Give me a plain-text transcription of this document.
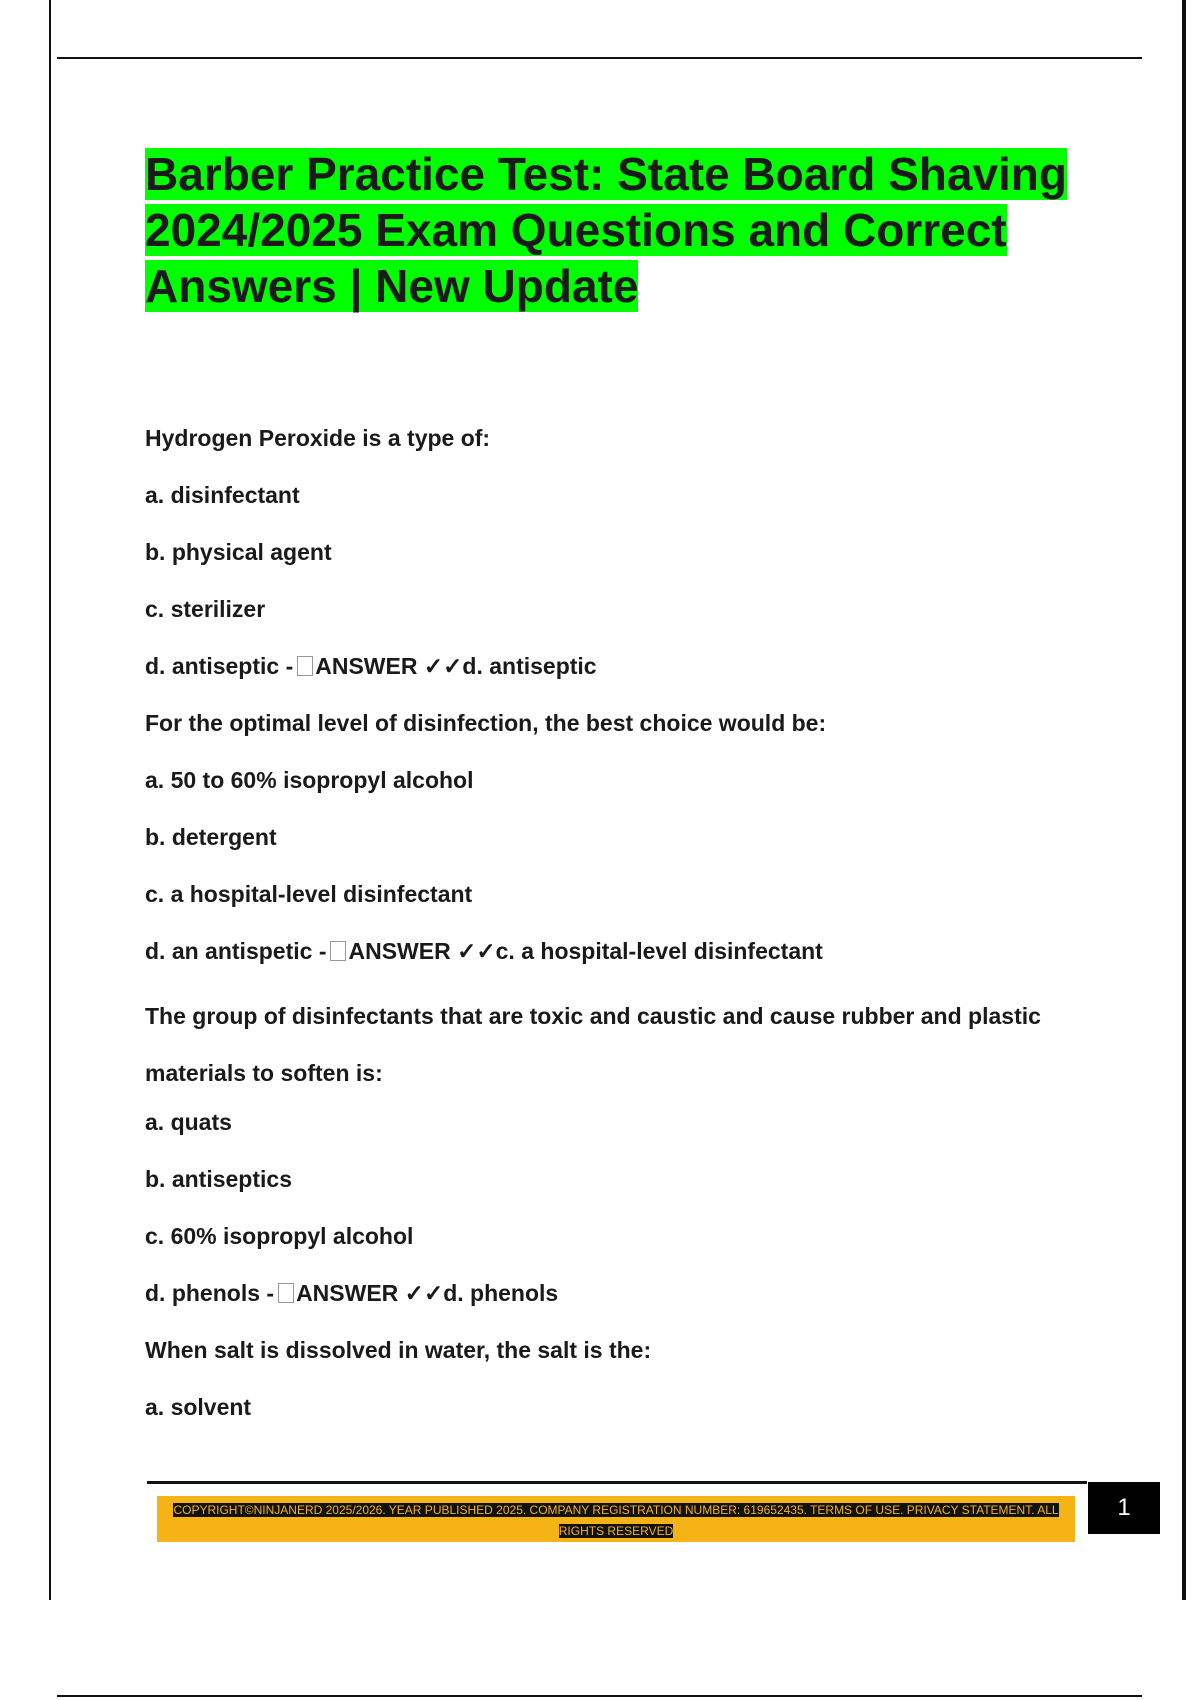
Barber Practice Test: State Board Shaving 2024/2025 Exam Questions and Correct Answers | New Update
Hydrogen Peroxide is a type of:
a. disinfectant
b. physical agent
c. sterilizer
d. antiseptic - ANSWER ✓✓d. antiseptic
For the optimal level of disinfection, the best choice would be:
a. 50 to 60% isopropyl alcohol
b. detergent
c. a hospital-level disinfectant
d. an antispetic - ANSWER ✓✓c. a hospital-level disinfectant
The group of disinfectants that are toxic and caustic and cause rubber and plastic materials to soften is:
a. quats
b. antiseptics
c. 60% isopropyl alcohol
d. phenols - ANSWER ✓✓d. phenols
When salt is dissolved in water, the salt is the:
a. solvent
COPYRIGHT©NINJANERD 2025/2026. YEAR PUBLISHED 2025. COMPANY REGISTRATION NUMBER: 619652435. TERMS OF USE. PRIVACY STATEMENT. ALL RIGHTS RESERVED
1
